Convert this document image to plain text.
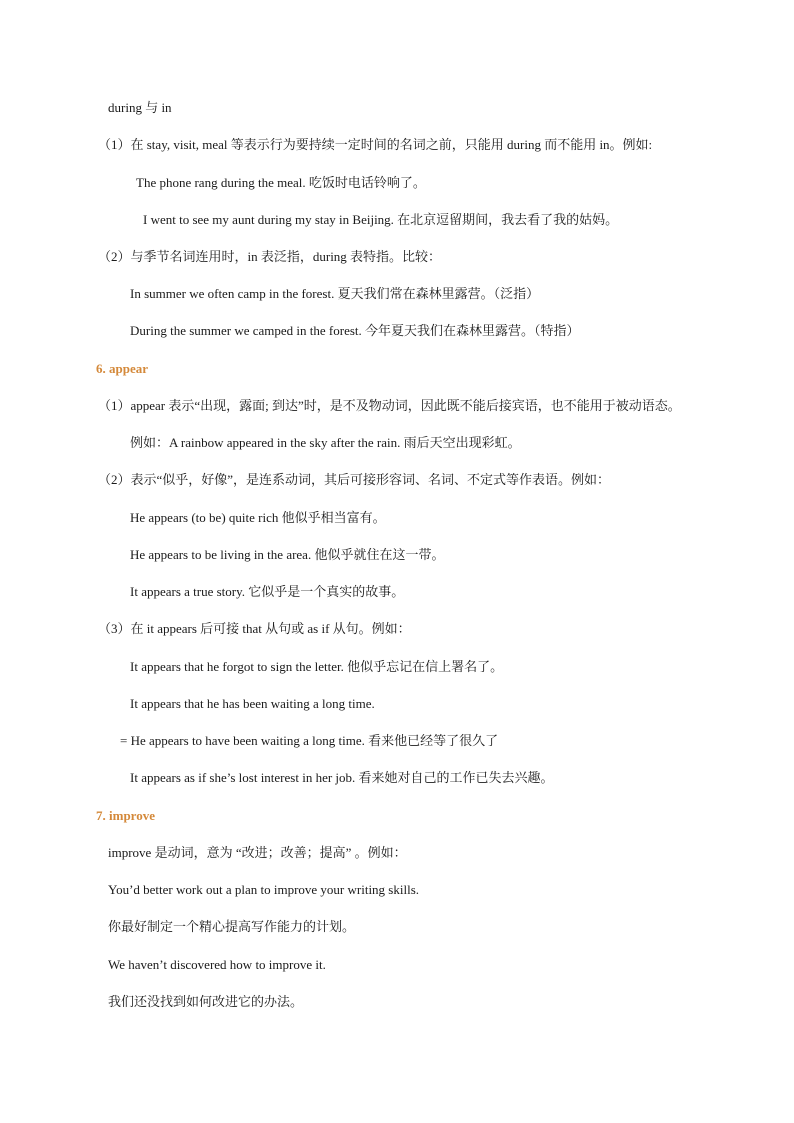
during 与 in
（1）在 stay, visit, meal 等表示行为要持续一定时间的名词之前，只能用 during 而不能用 in。例如:
The phone rang during the meal. 吃饭时电话铃响了。
I went to see my aunt during my stay in Beijing. 在北京逗留期间，我去看了我的姑妈。
（2）与季节名词连用时，in 表泛指，during 表特指。比较：
In summer we often camp in the forest. 夏天我们常在森林里露营。（泛指）
During the summer we camped in the forest. 今年夏天我们在森林里露营。（特指）
6. appear
（1）appear 表示“出现，露面; 到达”时，是不及物动词，因此既不能后接宾语，也不能用于被动语态。
例如：A rainbow appeared in the sky after the rain. 雨后天空出现彩虹。
（2）表示“似乎，好像”，是连系动词，其后可接形容词、名词、不定式等作表语。例如：
He appears (to be) quite rich 他似乎相当富有。
He appears to be living in the area. 他似乎就住在这一带。
It appears a true story. 它似乎是一个真实的故事。
（3）在 it appears 后可接 that 从句或 as if 从句。例如：
It appears that he forgot to sign the letter. 他似乎忘记在信上署名了。
It appears that he has been waiting a long time.
= He appears to have been waiting a long time. 看来他已经等了很久了
It appears as if she’s lost interest in her job. 看来她对自己的工作已失去兴趣。
7. improve
improve 是动词，意为 “改进；改善；提高” 。例如：
You’d better work out a plan to improve your writing skills.
你最好制定一个精心提高写作能力的计划。
We haven’t discovered how to improve it.
我们还没找到如何改进它的办法。
